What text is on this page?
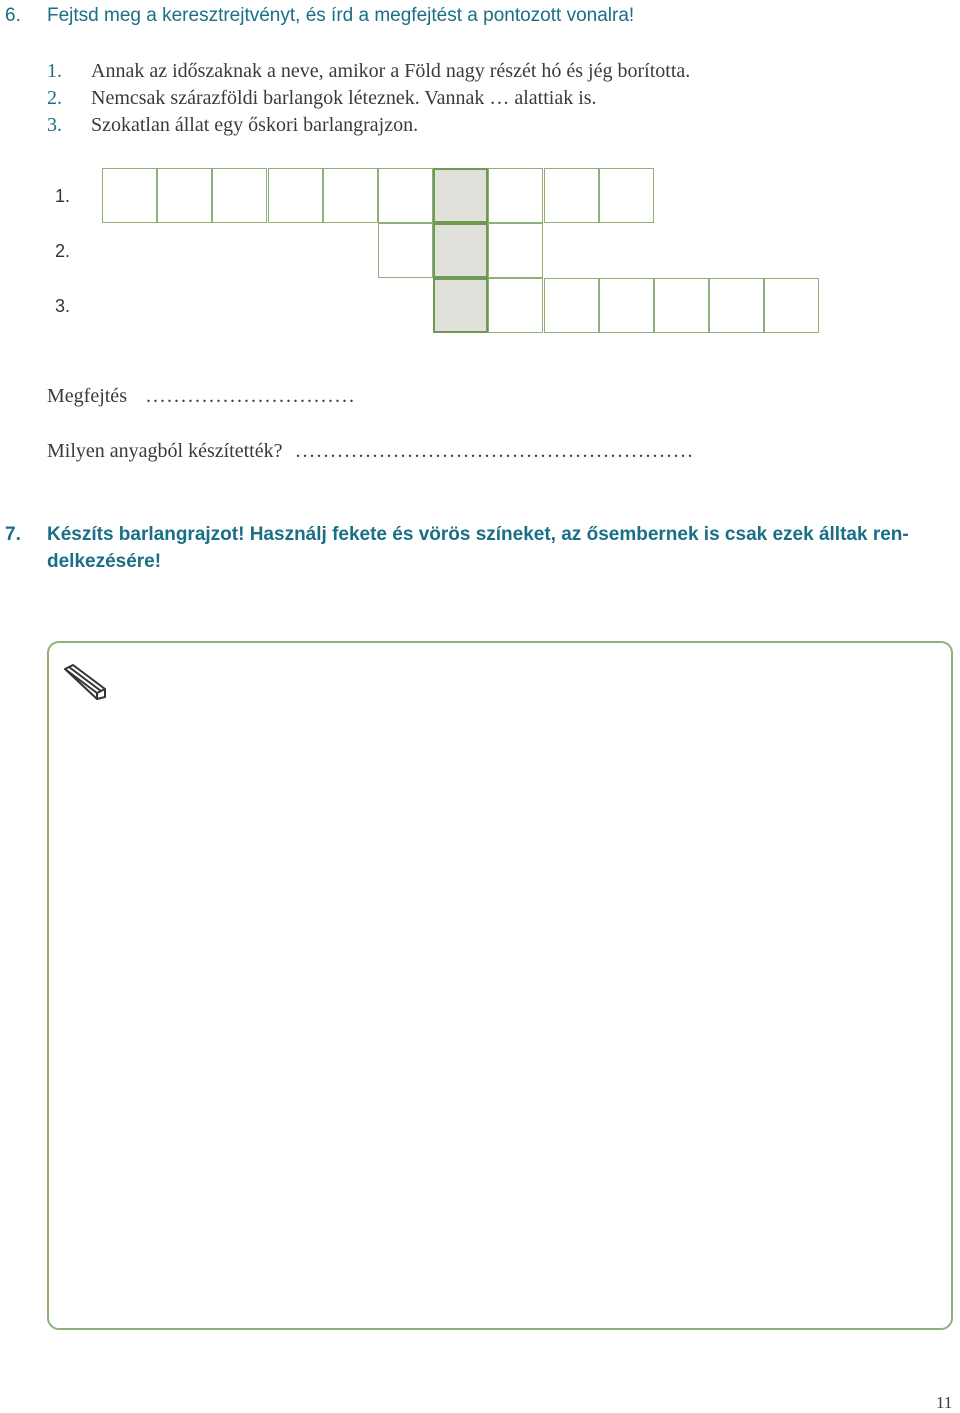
6. Fejtsd meg a keresztrejtvényt, és írd a megfejtést a pontozott vonalra!
1. Annak az időszaknak a neve, amikor a Föld nagy részét hó és jég borította.
2. Nemcsak szárazföldi barlangok léteznek. Vannak … alattiak is.
3. Szokatlan állat egy őskori barlangrajzon.
1.
2.
3.
Megfejtés ..............................
Milyen anyagból készítették? .........................................................
7. Készíts barlangrajzot! Használj fekete és vörös színeket, az ősembernek is csak ezek álltak ren-delkezésére!
11
